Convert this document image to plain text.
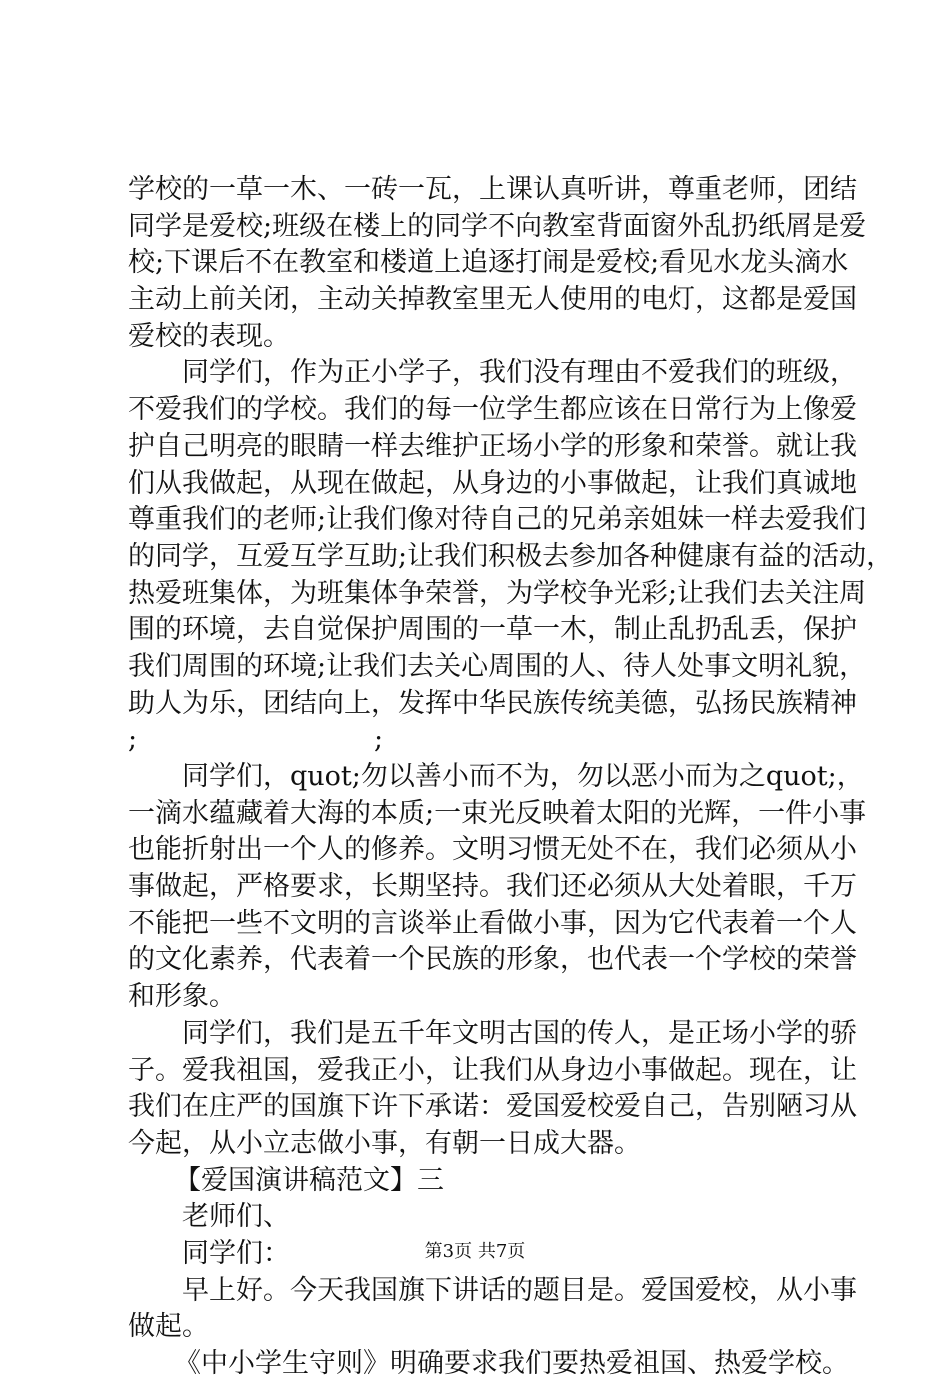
学校的一草一木、一砖一瓦，上课认真听讲，尊重老师，团结
同学是爱校;班级在楼上的同学不向教室背面窗外乱扔纸屑是爱
校;下课后不在教室和楼道上追逐打闹是爱校;看见水龙头滴水
主动上前关闭，主动关掉教室里无人使用的电灯，这都是爱国
爱校的表现。
同学们，作为正小学子，我们没有理由不爱我们的班级，
不爱我们的学校。我们的每一位学生都应该在日常行为上像爱
护自己明亮的眼睛一样去维护正场小学的形象和荣誉。就让我
们从我做起，从现在做起，从身边的小事做起，让我们真诚地
尊重我们的老师;让我们像对待自己的兄弟亲姐妹一样去爱我们
的同学，互爱互学互助;让我们积极去参加各种健康有益的活动，
热爱班集体，为班集体争荣誉，为学校争光彩;让我们去关注周
围的环境，去自觉保护周围的一草一木，制止乱扔乱丢，保护
我们周围的环境;让我们去关心周围的人、待人处事文明礼貌，
助人为乐，团结向上，发挥中华民族传统美德，弘扬民族精神
;	;
同学们，quot;勿以善小而不为，勿以恶小而为之quot;，
一滴水蕴藏着大海的本质;一束光反映着太阳的光辉，一件小事
也能折射出一个人的修养。文明习惯无处不在，我们必须从小
事做起，严格要求，长期坚持。我们还必须从大处着眼，千万
不能把一些不文明的言谈举止看做小事，因为它代表着一个人
的文化素养，代表着一个民族的形象，也代表一个学校的荣誉
和形象。
同学们，我们是五千年文明古国的传人，是正场小学的骄
子。爱我祖国，爱我正小，让我们从身边小事做起。现在，让
我们在庄严的国旗下许下承诺：爱国爱校爱自己，告别陋习从
今起，从小立志做小事，有朝一日成大器。
【爱国演讲稿范文】三
老师们、
同学们：
早上好。今天我国旗下讲话的题目是。爱国爱校，从小事
做起。
《中小学生守则》明确要求我们要热爱祖国、热爱学校。
第3页 共7页
